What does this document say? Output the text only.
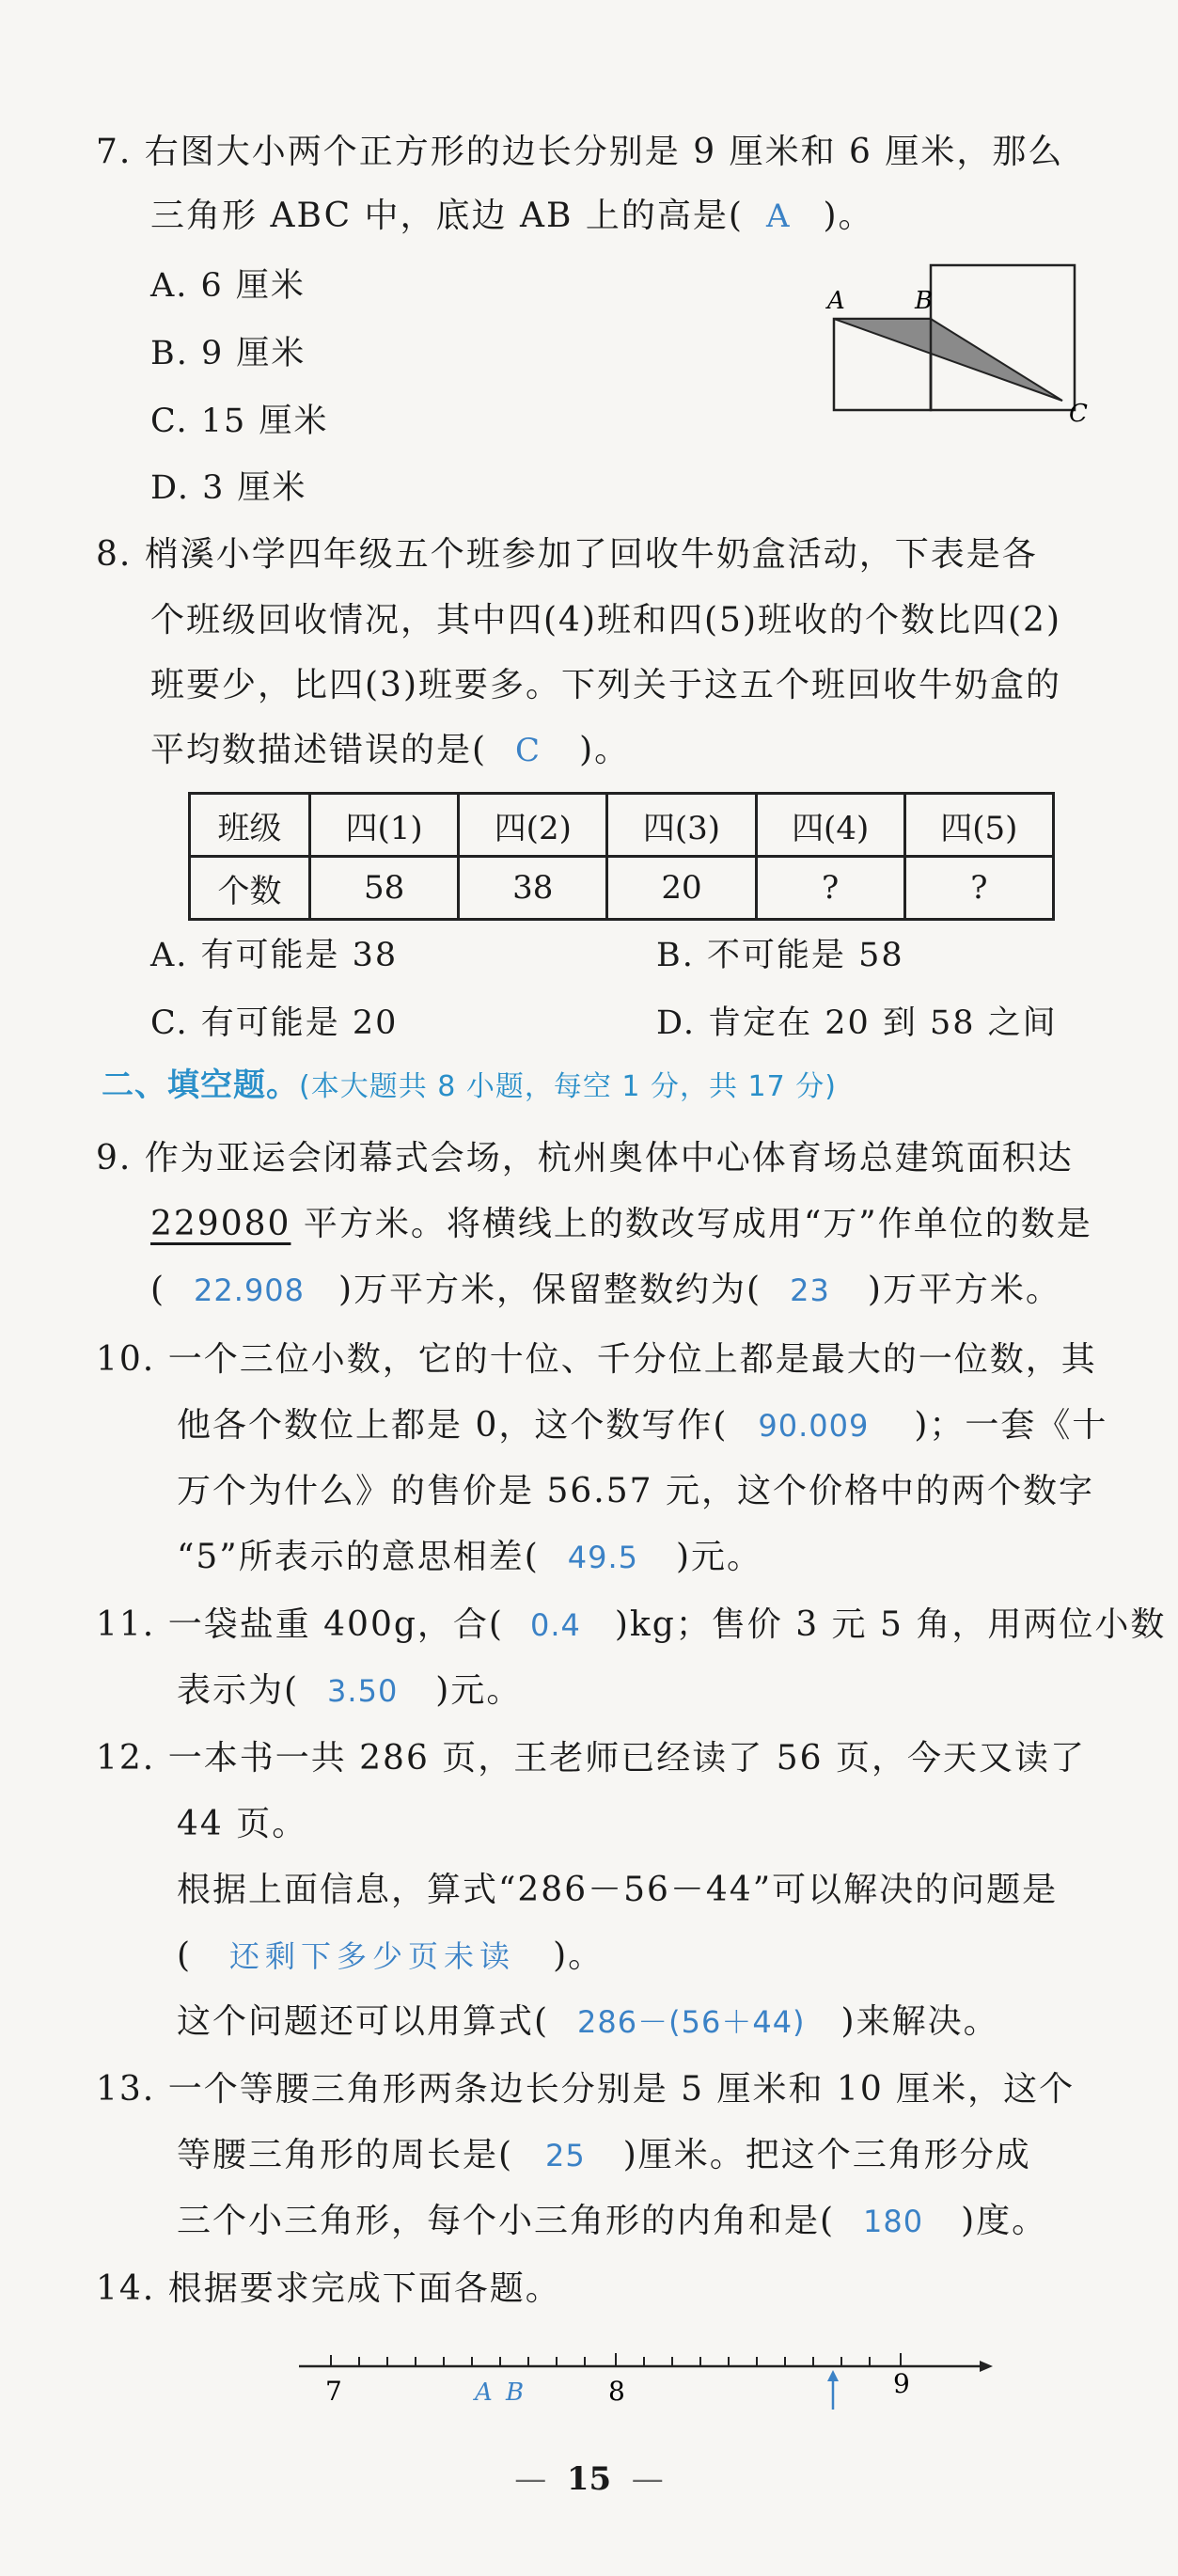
7. 右图大小两个正方形的边长分别是 9 厘米和 6 厘米，那么
三角形 ABC 中，底边 AB 上的高是( A )。
A. 6 厘米
B. 9 厘米
C. 15 厘米
D. 3 厘米
A	B
C
8. 梢溪小学四年级五个班参加了回收牛奶盒活动，下表是各
个班级回收情况，其中四(4)班和四(5)班收的个数比四(2)
班要少，比四(3)班要多。下列关于这五个班回收牛奶盒的
平均数描述错误的是( C )。
班级	四(1)	四(2)	四(3)	四(4)	四(5)
个数	58	38	20	?	?
A. 有可能是 38	B. 不可能是 58
C. 有可能是 20	D. 肯定在 20 到 58 之间
二、填空题。(本大题共 8 小题，每空 1 分，共 17 分)
9. 作为亚运会闭幕式会场，杭州奥体中心体育场总建筑面积达
229080 平方米。将横线上的数改写成用“万”作单位的数是
( 22.908 )万平方米，保留整数约为( 23 )万平方米。
10. 一个三位小数，它的十位、千分位上都是最大的一位数，其
他各个数位上都是 0，这个数写作( 90.009 )；一套《十
万个为什么》的售价是 56.57 元，这个价格中的两个数字
“5”所表示的意思相差( 49.5 )元。
11. 一袋盐重 400g，合( 0.4 )kg；售价 3 元 5 角，用两位小数
表示为( 3.50 )元。
12. 一本书一共 286 页，王老师已经读了 56 页，今天又读了
44 页。
根据上面信息，算式“286－56－44”可以解决的问题是
( 还剩下多少页未读 )。
这个问题还可以用算式( 286－(56＋44) )来解决。
13. 一个等腰三角形两条边长分别是 5 厘米和 10 厘米，这个
等腰三角形的周长是( 25 )厘米。把这个三角形分成
三个小三角形，每个小三角形的内角和是( 180 )度。
14. 根据要求完成下面各题。
7	8	9
A B
—  15  —
